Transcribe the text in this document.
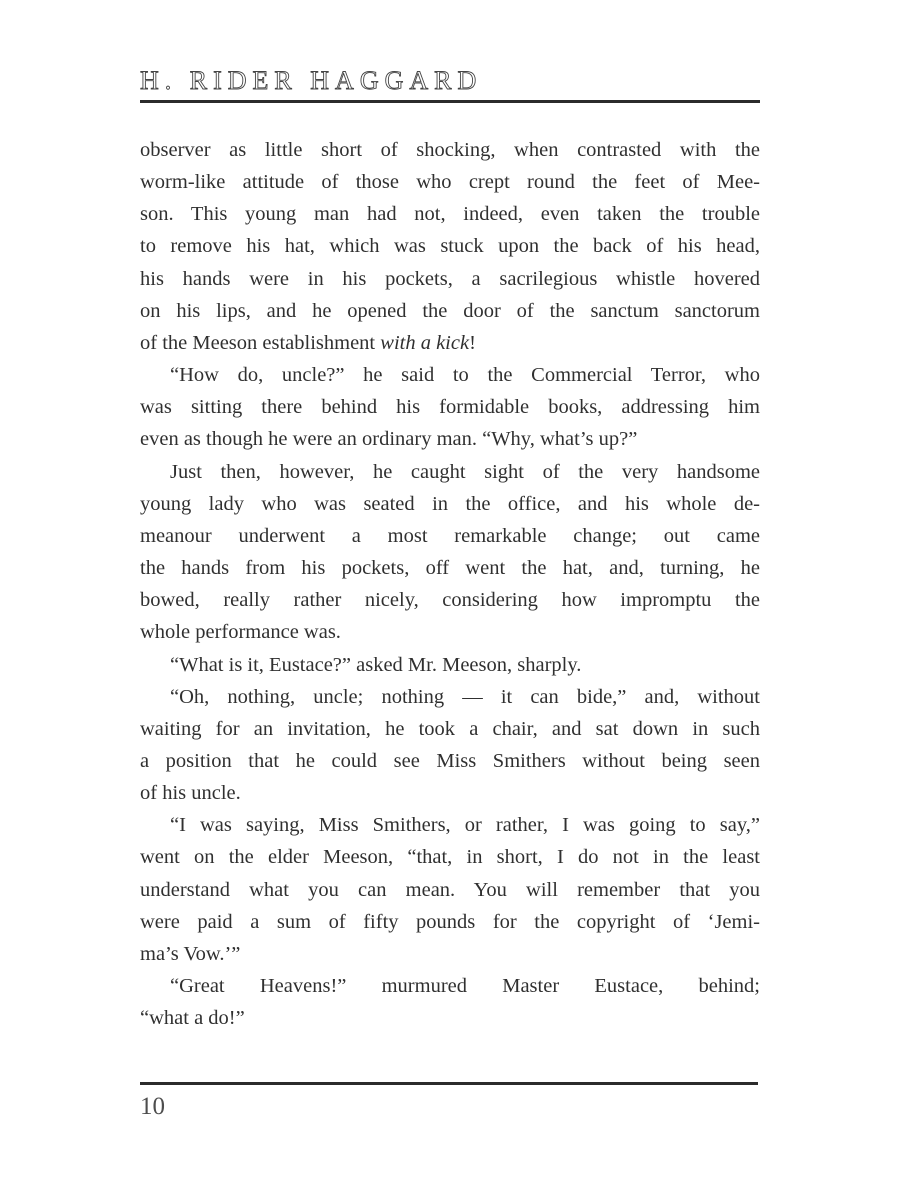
H. RIDER HAGGARD
observer as little short of shocking, when contrasted with the
worm-like attitude of those who crept round the feet of Mee-
son. This young man had not, indeed, even taken the trouble
to remove his hat, which was stuck upon the back of his head,
his hands were in his pockets, a sacrilegious whistle hovered
on his lips, and he opened the door of the sanctum sanctorum
of the Meeson establishment with a kick!
“How do, uncle?” he said to the Commercial Terror, who
was sitting there behind his formidable books, addressing him
even as though he were an ordinary man. “Why, what’s up?”
Just then, however, he caught sight of the very handsome
young lady who was seated in the office, and his whole de-
meanour underwent a most remarkable change; out came
the hands from his pockets, off went the hat, and, turning, he
bowed, really rather nicely, considering how impromptu the
whole performance was.
“What is it, Eustace?” asked Mr. Meeson, sharply.
“Oh, nothing, uncle; nothing — it can bide,” and, without
waiting for an invitation, he took a chair, and sat down in such
a position that he could see Miss Smithers without being seen
of his uncle.
“I was saying, Miss Smithers, or rather, I was going to say,”
went on the elder Meeson, “that, in short, I do not in the least
understand what you can mean. You will remember that you
were paid a sum of fifty pounds for the copyright of ‘Jemi-
ma’s Vow.’”
“Great Heavens!” murmured Master Eustace, behind;
“what a do!”
10
